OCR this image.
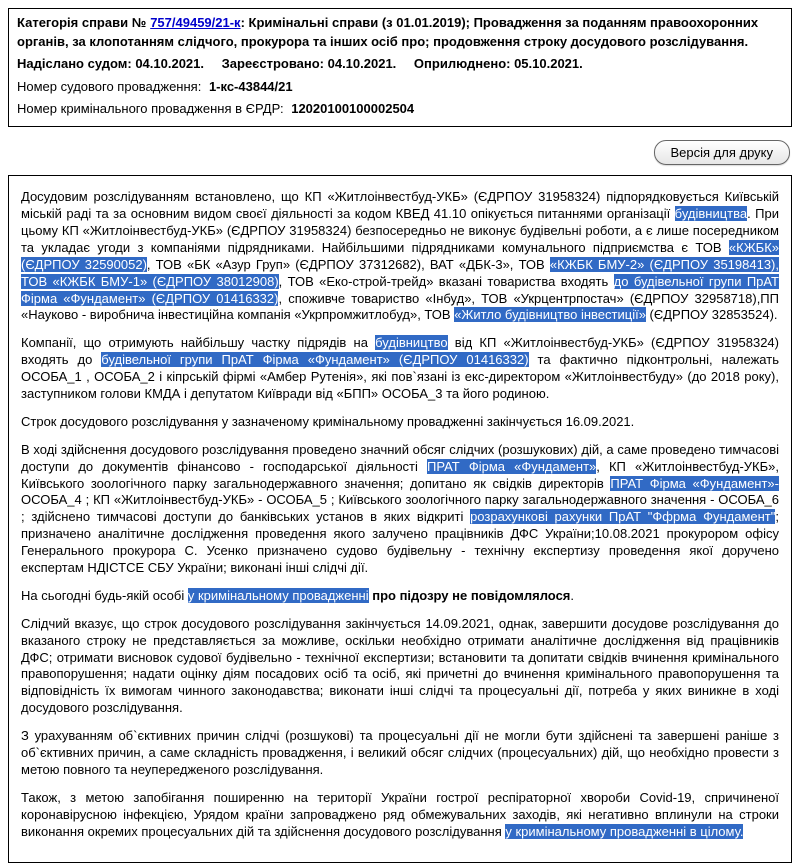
Категорія справи № 757/49459/21-к: Кримінальні справи (з 01.01.2019); Провадження за поданням правоохоронних органів, за клопотанням слідчого, прокурора та інших осіб про; продовження строку досудового розслідування.
Надіслано судом: 04.10.2021. Зареєстровано: 04.10.2021. Оприлюднено: 05.10.2021.
Номер судового провадження: 1-кс-43844/21
Номер кримінального провадження в ЄРДР: 12020100100002504
Версія для друку

Досудовим розслідуванням встановлено, що КП «Житлоінвестбуд-УКБ» (ЄДРПОУ 31958324) підпорядковується Київській міській раді та за основним видом своєї діяльності за кодом КВЕД 41.10 опікується питаннями організації будівництва. При цьому КП «Житлоінвестбуд-УКБ» (ЄДРПОУ 31958324) безпосередньо не виконує будівельні роботи, а є лише посередником та укладає угоди з компаніями підрядниками. Найбільшими підрядниками комунального підприємства є ТОВ «КЖБК» (ЄДРПОУ 32590052), ТОВ «БК «Азур Груп» (ЄДРПОУ 37312682), ВАТ «ДБК-3», ТОВ «КЖБК БМУ-2» (ЄДРПОУ 35198413), ТОВ «КЖБК БМУ-1» (ЄДРПОУ 38012908), ТОВ «Еко-строй-трейд» вказані товариства входять до будівельної групи ПрАТ Фірма «Фундамент» (ЄДРПОУ 01416332), споживче товариство «Інбуд», ТОВ «Укрцентрпостач» (ЄДРПОУ 32958718),ПП «Науково - виробнича інвестиційна компанія «Укрпромжитлобуд», ТОВ «Житло будівництво інвестиції» (ЄДРПОУ 32853524).

Компанії, що отримують найбільшу частку підрядів на будівництво від КП «Житлоінвестбуд-УКБ» (ЄДРПОУ 31958324) входять до будівельної групи ПрАТ Фірма «Фундамент» (ЄДРПОУ 01416332) та фактично підконтрольні, належать ОСОБА_1 , ОСОБА_2 і кіпрській фірмі «Амбер Рутенія», які пов`язані із екс-директором «Житлоінвестбуду» (до 2018 року), заступником голови КМДА і депутатом Київради від «БПП» ОСОБА_3 та його родиною.

Строк досудового розслідування у зазначеному кримінальному провадженні закінчується 16.09.2021.

В ході здійснення досудового розслідування проведено значний обсяг слідчих (розшукових) дій, а саме проведено тимчасові доступи до документів фінансово - господарської діяльності ПРАТ Фірма «Фундамент», КП «Житлоінвестбуд-УКБ», Київського зоологічного парку загальнодержавного значення; допитано як свідків директорів ПРАТ Фірма «Фундамент»- ОСОБА_4 ; КП «Житлоінвестбуд-УКБ» - ОСОБА_5 ; Київського зоологічного парку загальнодержавного значення - ОСОБА_6 ; здійснено тимчасові доступи до банківських установ в яких відкриті розрахункові рахунки ПрАТ "Ффрма Фундамент"; призначено аналітичне дослідження проведення якого залучено працівників ДФС України;10.08.2021 прокурором офісу Генерального прокурора С. Усенко призначено судово будівельну - технічну експертизу проведення якої доручено експертам НДІСТСЕ СБУ України; виконані інші слідчі дії.

На сьогодні будь-якій особі у кримінальному провадженні про підозру не повідомлялося.

Слідчий вказує, що строк досудового розслідування закінчується 14.09.2021, однак, завершити досудове розслідування до вказаного строку не представляється за можливе, оскільки необхідно отримати аналітичне дослідження від працівників ДФС; отримати висновок судової будівельно - технічної експертизи; встановити та допитати свідків вчинення кримінального правопорушення; надати оцінку діям посадових осіб та осіб, які причетні до вчинення кримінального правопорушення та відповідність їх вимогам чинного законодавства; виконати інші слідчі та процесуальні дії, потреба у яких виникне в ході досудового розслідування.

З урахуванням об`єктивних причин слідчі (розшукові) та процесуальні дії не могли бути здійснені та завершені раніше з об`єктивних причин, а саме складність провадження, і великий обсяг слідчих (процесуальних) дій, що необхідно провести з метою повного та неупередженого розслідування.

Також, з метою запобігання поширенню на території України гострої респіраторної хвороби Covid-19, спричиненої коронавірусною інфекцією, Урядом країни запроваджено ряд обмежувальних заходів, які негативно вплинули на строки виконання окремих процесуальних дій та здійснення досудового розслідування у кримінальному провадженні в цілому.
